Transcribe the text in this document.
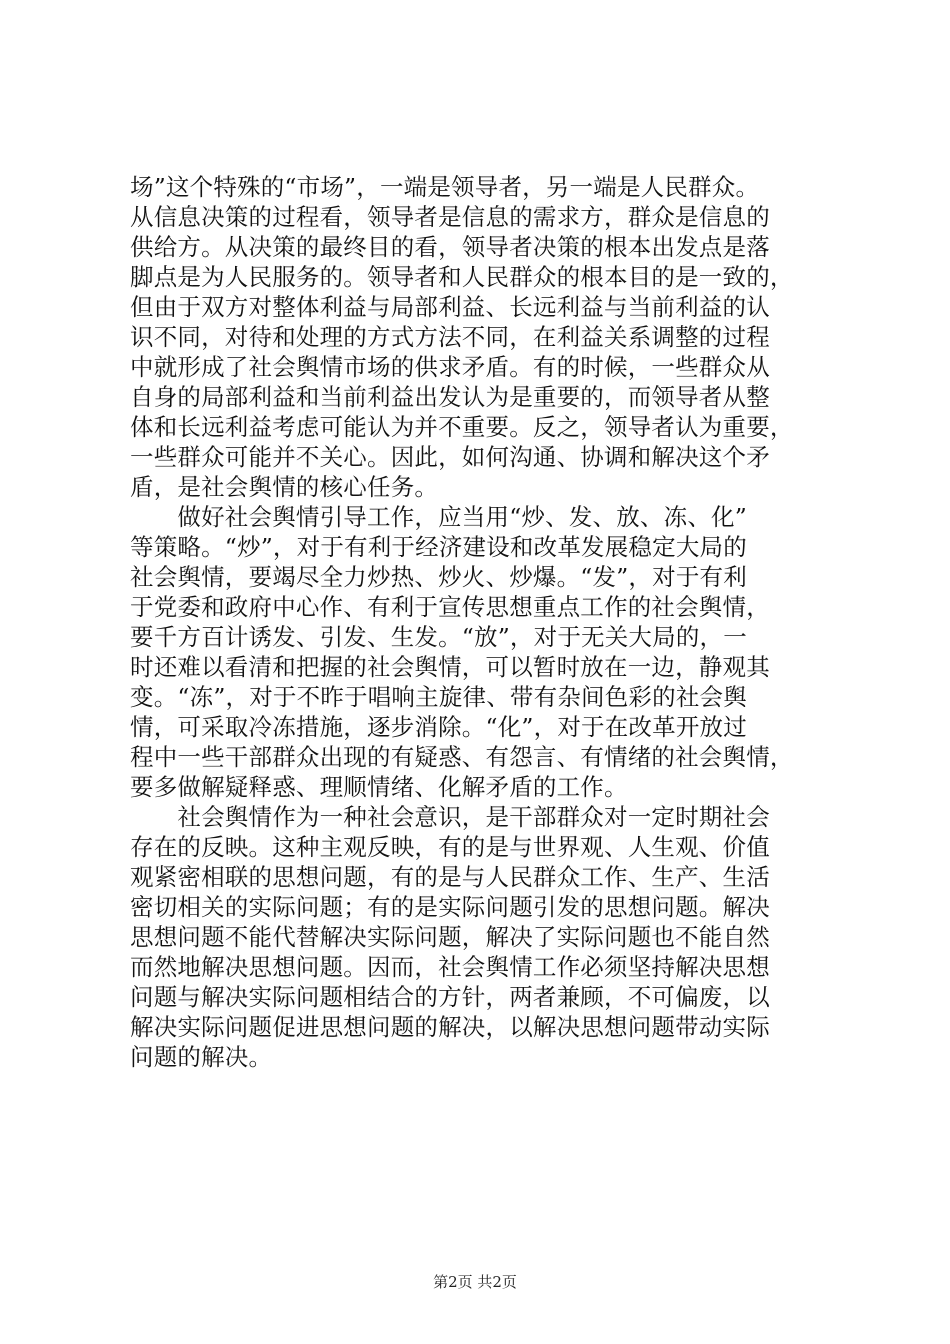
场”这个特殊的“市场”，一端是领导者，另一端是人民群众。
从信息决策的过程看，领导者是信息的需求方，群众是信息的
供给方。从决策的最终目的看，领导者决策的根本出发点是落
脚点是为人民服务的。领导者和人民群众的根本目的是一致的，
但由于双方对整体利益与局部利益、长远利益与当前利益的认
识不同，对待和处理的方式方法不同，在利益关系调整的过程
中就形成了社会舆情市场的供求矛盾。有的时候，一些群众从
自身的局部利益和当前利益出发认为是重要的，而领导者从整
体和长远利益考虑可能认为并不重要。反之，领导者认为重要，
一些群众可能并不关心。因此，如何沟通、协调和解决这个矛
盾，是社会舆情的核心任务。
　　做好社会舆情引导工作，应当用“炒、发、放、冻、化”
等策略。“炒”，对于有利于经济建设和改革发展稳定大局的
社会舆情，要竭尽全力炒热、炒火、炒爆。“发”，对于有利
于党委和政府中心作、有利于宣传思想重点工作的社会舆情，
要千方百计诱发、引发、生发。“放”，对于无关大局的，一
时还难以看清和把握的社会舆情，可以暂时放在一边，静观其
变。“冻”，对于不昨于唱响主旋律、带有杂间色彩的社会舆
情，可采取冷冻措施，逐步消除。“化”，对于在改革开放过
程中一些干部群众出现的有疑惑、有怨言、有情绪的社会舆情，
要多做解疑释惑、理顺情绪、化解矛盾的工作。
　　社会舆情作为一种社会意识，是干部群众对一定时期社会
存在的反映。这种主观反映，有的是与世界观、人生观、价值
观紧密相联的思想问题，有的是与人民群众工作、生产、生活
密切相关的实际问题；有的是实际问题引发的思想问题。解决
思想问题不能代替解决实际问题，解决了实际问题也不能自然
而然地解决思想问题。因而，社会舆情工作必须坚持解决思想
问题与解决实际问题相结合的方针，两者兼顾，不可偏废，以
解决实际问题促进思想问题的解决，以解决思想问题带动实际
问题的解决。
第2页 共2页
